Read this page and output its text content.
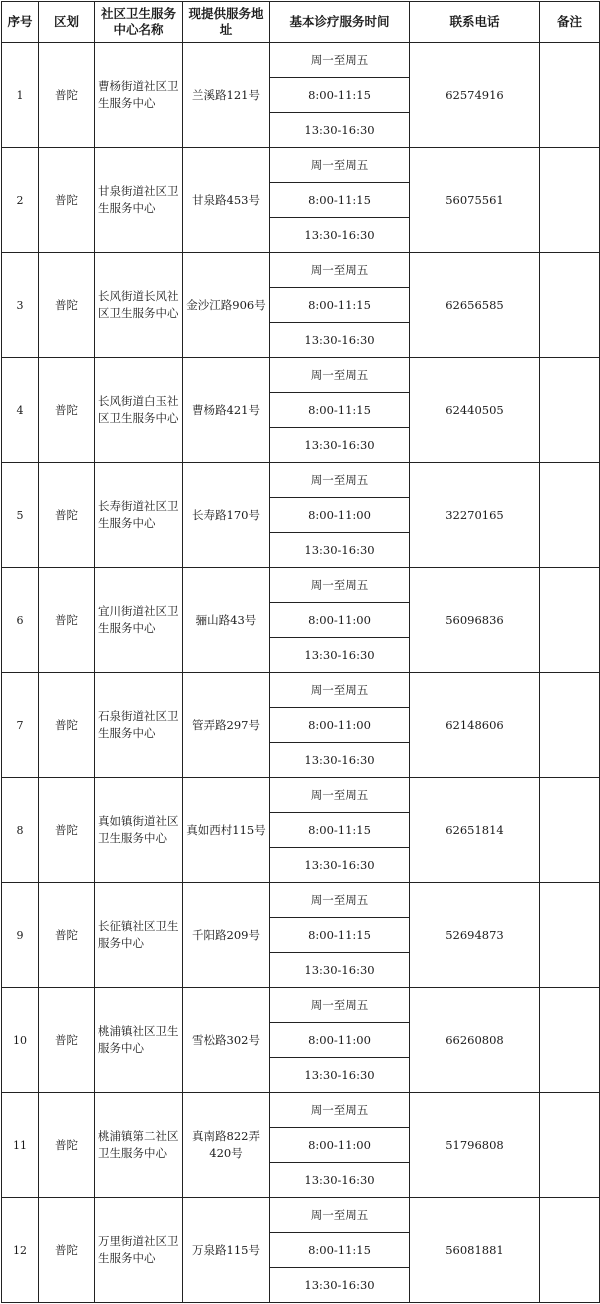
序号	区划	社区卫生服务中心名称	现提供服务地址	基本诊疗服务时间	联系电话	备注
1	普陀	曹杨街道社区卫生服务中心	兰溪路121号	周一至周五	62574916	
				8:00-11:15		
				13:30-16:30		
2	普陀	甘泉街道社区卫生服务中心	甘泉路453号	周一至周五	56075561	
				8:00-11:15		
				13:30-16:30		
3	普陀	长风街道长风社区卫生服务中心	金沙江路906号	周一至周五	62656585	
				8:00-11:15		
				13:30-16:30		
4	普陀	长风街道白玉社区卫生服务中心	曹杨路421号	周一至周五	62440505	
				8:00-11:15		
				13:30-16:30		
5	普陀	长寿街道社区卫生服务中心	长寿路170号	周一至周五	32270165	
				8:00-11:00		
				13:30-16:30		
6	普陀	宜川街道社区卫生服务中心	骊山路43号	周一至周五	56096836	
				8:00-11:00		
				13:30-16:30		
7	普陀	石泉街道社区卫生服务中心	管弄路297号	周一至周五	62148606	
				8:00-11:00		
				13:30-16:30		
8	普陀	真如镇街道社区卫生服务中心	真如西村115号	周一至周五	62651814	
				8:00-11:15		
				13:30-16:30		
9	普陀	长征镇社区卫生服务中心	千阳路209号	周一至周五	52694873	
				8:00-11:15		
				13:30-16:30		
10	普陀	桃浦镇社区卫生服务中心	雪松路302号	周一至周五	66260808	
				8:00-11:00		
				13:30-16:30		
11	普陀	桃浦镇第二社区卫生服务中心	真南路822弄420号	周一至周五	51796808	
				8:00-11:00		
				13:30-16:30		
12	普陀	万里街道社区卫生服务中心	万泉路115号	周一至周五	56081881	
				8:00-11:15		
				13:30-16:30		
